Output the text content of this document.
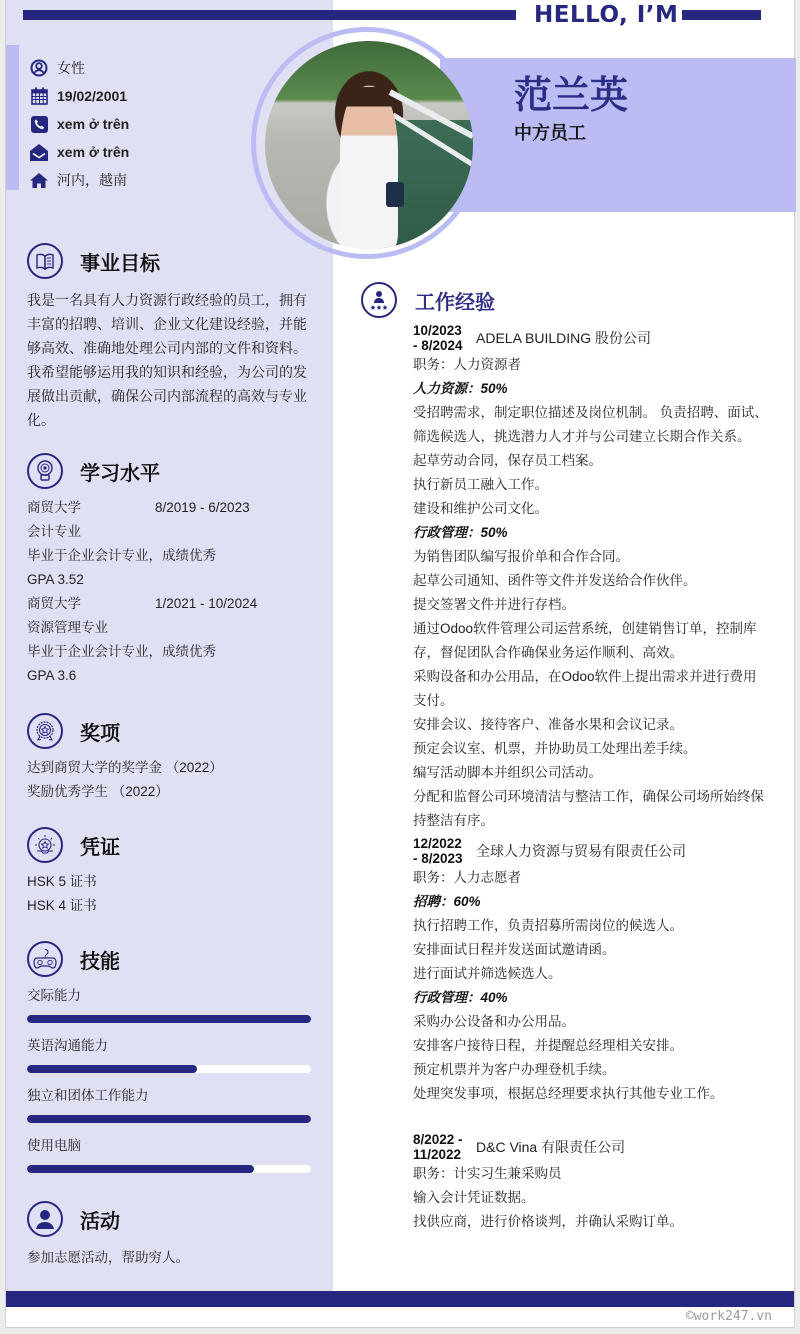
HELLO, I’M
范兰英
中方员工
女性
19/02/2001
xem ở trên
xem ở trên
河内，越南
事业目标
我是一名具有人力资源行政经验的员工，拥有丰富的招聘、培训、企业文化建设经验，并能够高效、准确地处理公司内部的文件和资料。我希望能够运用我的知识和经验，为公司的发展做出贡献，确保公司内部流程的高效与专业化。
学习水平
商贸大学	8/2019 - 6/2023
会计专业
毕业于企业会计专业，成绩优秀
GPA 3.52
商贸大学	1/2021 - 10/2024
资源管理专业
毕业于企业会计专业，成绩优秀
GPA 3.6
奖项
达到商贸大学的奖学金 （2022）
奖励优秀学生 （2022）
凭证
HSK 5 证书
HSK 4 证书
技能
交际能力
英语沟通能力
独立和团体工作能力
使用电脑
活动
参加志愿活动，帮助穷人。
工作经验
10/2023
- 8/2024 ADELA BUILDING 股份公司
职务：人力资源者
人力资源：50%
受招聘需求，制定职位描述及岗位机制。 负责招聘、面试、筛选候选人，挑选潜力人才并与公司建立长期合作关系。
起草劳动合同，保存员工档案。
执行新员工融入工作。
建设和维护公司文化。
行政管理：50%
为销售团队编写报价单和合作合同。
起草公司通知、函件等文件并发送给合作伙伴。
提交签署文件并进行存档。
通过Odoo软件管理公司运营系统，创建销售订单，控制库存，督促团队合作确保业务运作顺利、高效。
采购设备和办公用品，在Odoo软件上提出需求并进行费用支付。
安排会议、接待客户、准备水果和会议记录。
预定会议室、机票，并协助员工处理出差手续。
编写活动脚本并组织公司活动。
分配和监督公司环境清洁与整洁工作，确保公司场所始终保持整洁有序。
12/2022
- 8/2023 全球人力资源与贸易有限责任公司
职务：人力志愿者
招聘：60%
执行招聘工作，负责招募所需岗位的候选人。
安排面试日程并发送面试邀请函。
进行面试并筛选候选人。
行政管理：40%
采购办公设备和办公用品。
安排客户接待日程，并提醒总经理相关安排。
预定机票并为客户办理登机手续。
处理突发事项，根据总经理要求执行其他专业工作。
8/2022 -
11/2022	D&C Vina 有限责任公司
职务：计实习生兼采购员
输入会计凭证数据。
找供应商，进行价格谈判，并确认采购订单。
©work247.vn
